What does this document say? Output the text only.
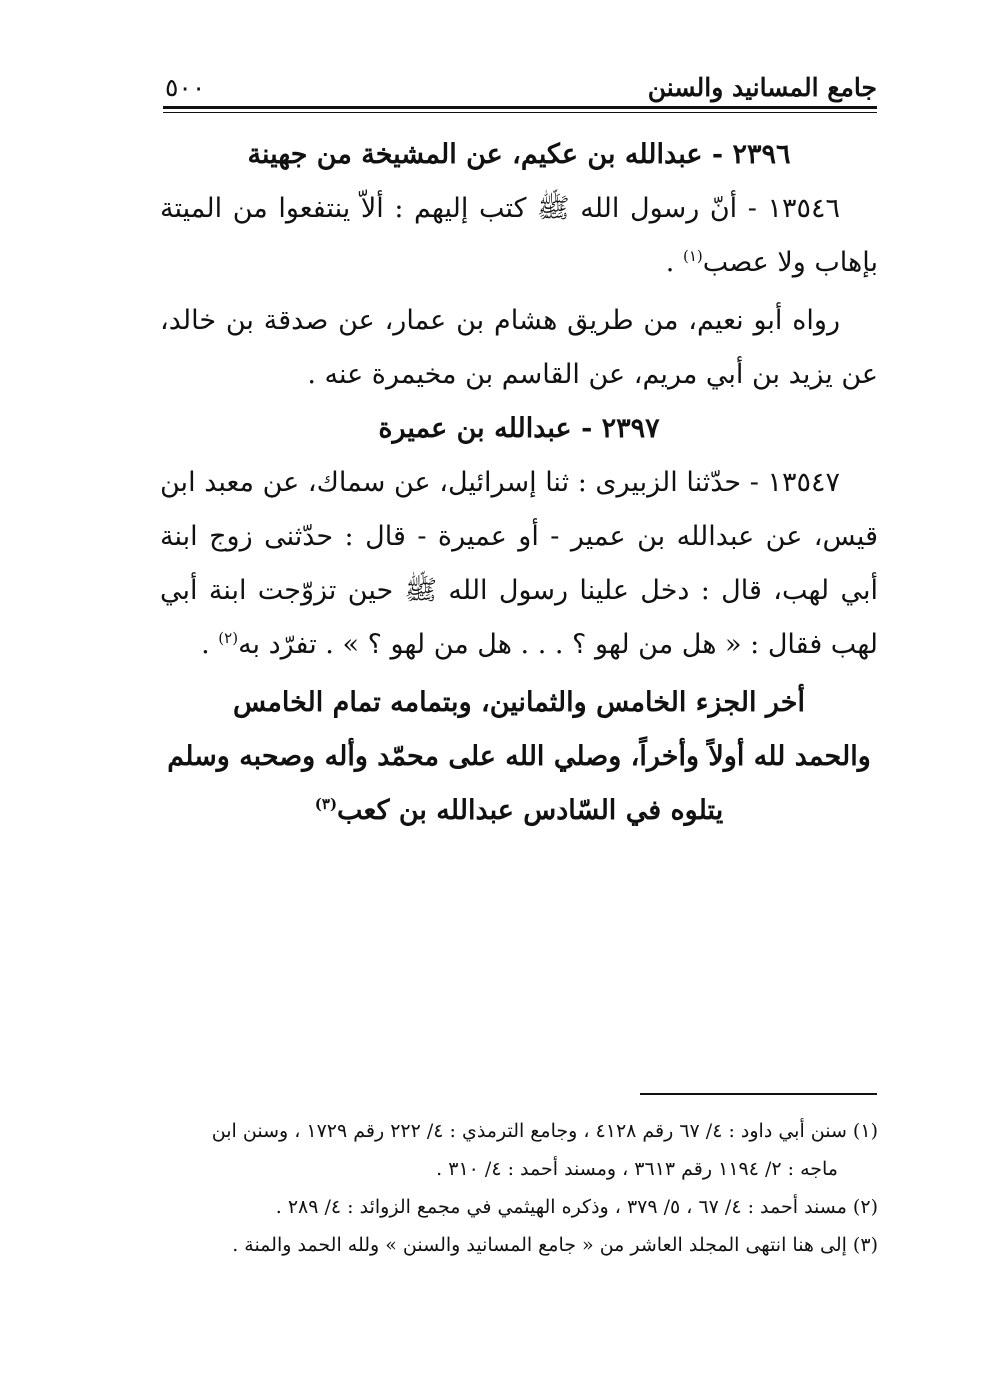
٥٠٠	جامع المسانيد والسنن

٢٣٩٦ - عبدالله بن عكيم، عن المشيخة من جهينة

١٣٥٤٦ - أنّ رسول الله ﷺ كتب إليهم : ألاّ ينتفعوا من الميتة بإهاب ولا عصب$^{(١)}$ .

رواه أبو نعيم، من طريق هشام بن عمار، عن صدقة بن خالد، عن يزيد بن أبي مريم، عن القاسم بن مخيمرة عنه .

٢٣٩٧ - عبدالله بن عميرة

١٣٥٤٧ - حدّثنا الزبيرى : ثنا إسرائيل، عن سماك، عن معبد ابن قيس، عن عبدالله بن عمير - أو عميرة - قال : حدّثنى زوج ابنة أبي لهب، قال : دخل علينا رسول الله ﷺ حين تزوّجت ابنة أبي لهب فقال : « هل من لهو ؟ . . . هل من لهو ؟ » . تفرّد به$^{(٢)}$ .

أخر الجزء الخامس والثمانين، وبتمامه تمام الخامس

والحمد لله أولاً وأخراً، وصلي الله على محمّد وأله وصحبه وسلم

يتلوه في السّادس عبدالله بن كعب$^{(٣)}$

(١) سنن أبي داود : ٤/ ٦٧ رقم ٤١٢٨ ، وجامع الترمذي : ٤/ ٢٢٢ رقم ١٧٢٩ ، وسنن ابن

ماجه : ٢/ ١١٩٤ رقم ٣٦١٣ ، ومسند أحمد : ٤/ ٣١٠ .

(٢) مسند أحمد : ٤/ ٦٧ ، ٥/ ٣٧٩ ، وذكره الهيثمي في مجمع الزوائد : ٤/ ٢٨٩ .

(٣) إلى هنا انتهى المجلد العاشر من « جامع المسانيد والسنن » ولله الحمد والمنة .
